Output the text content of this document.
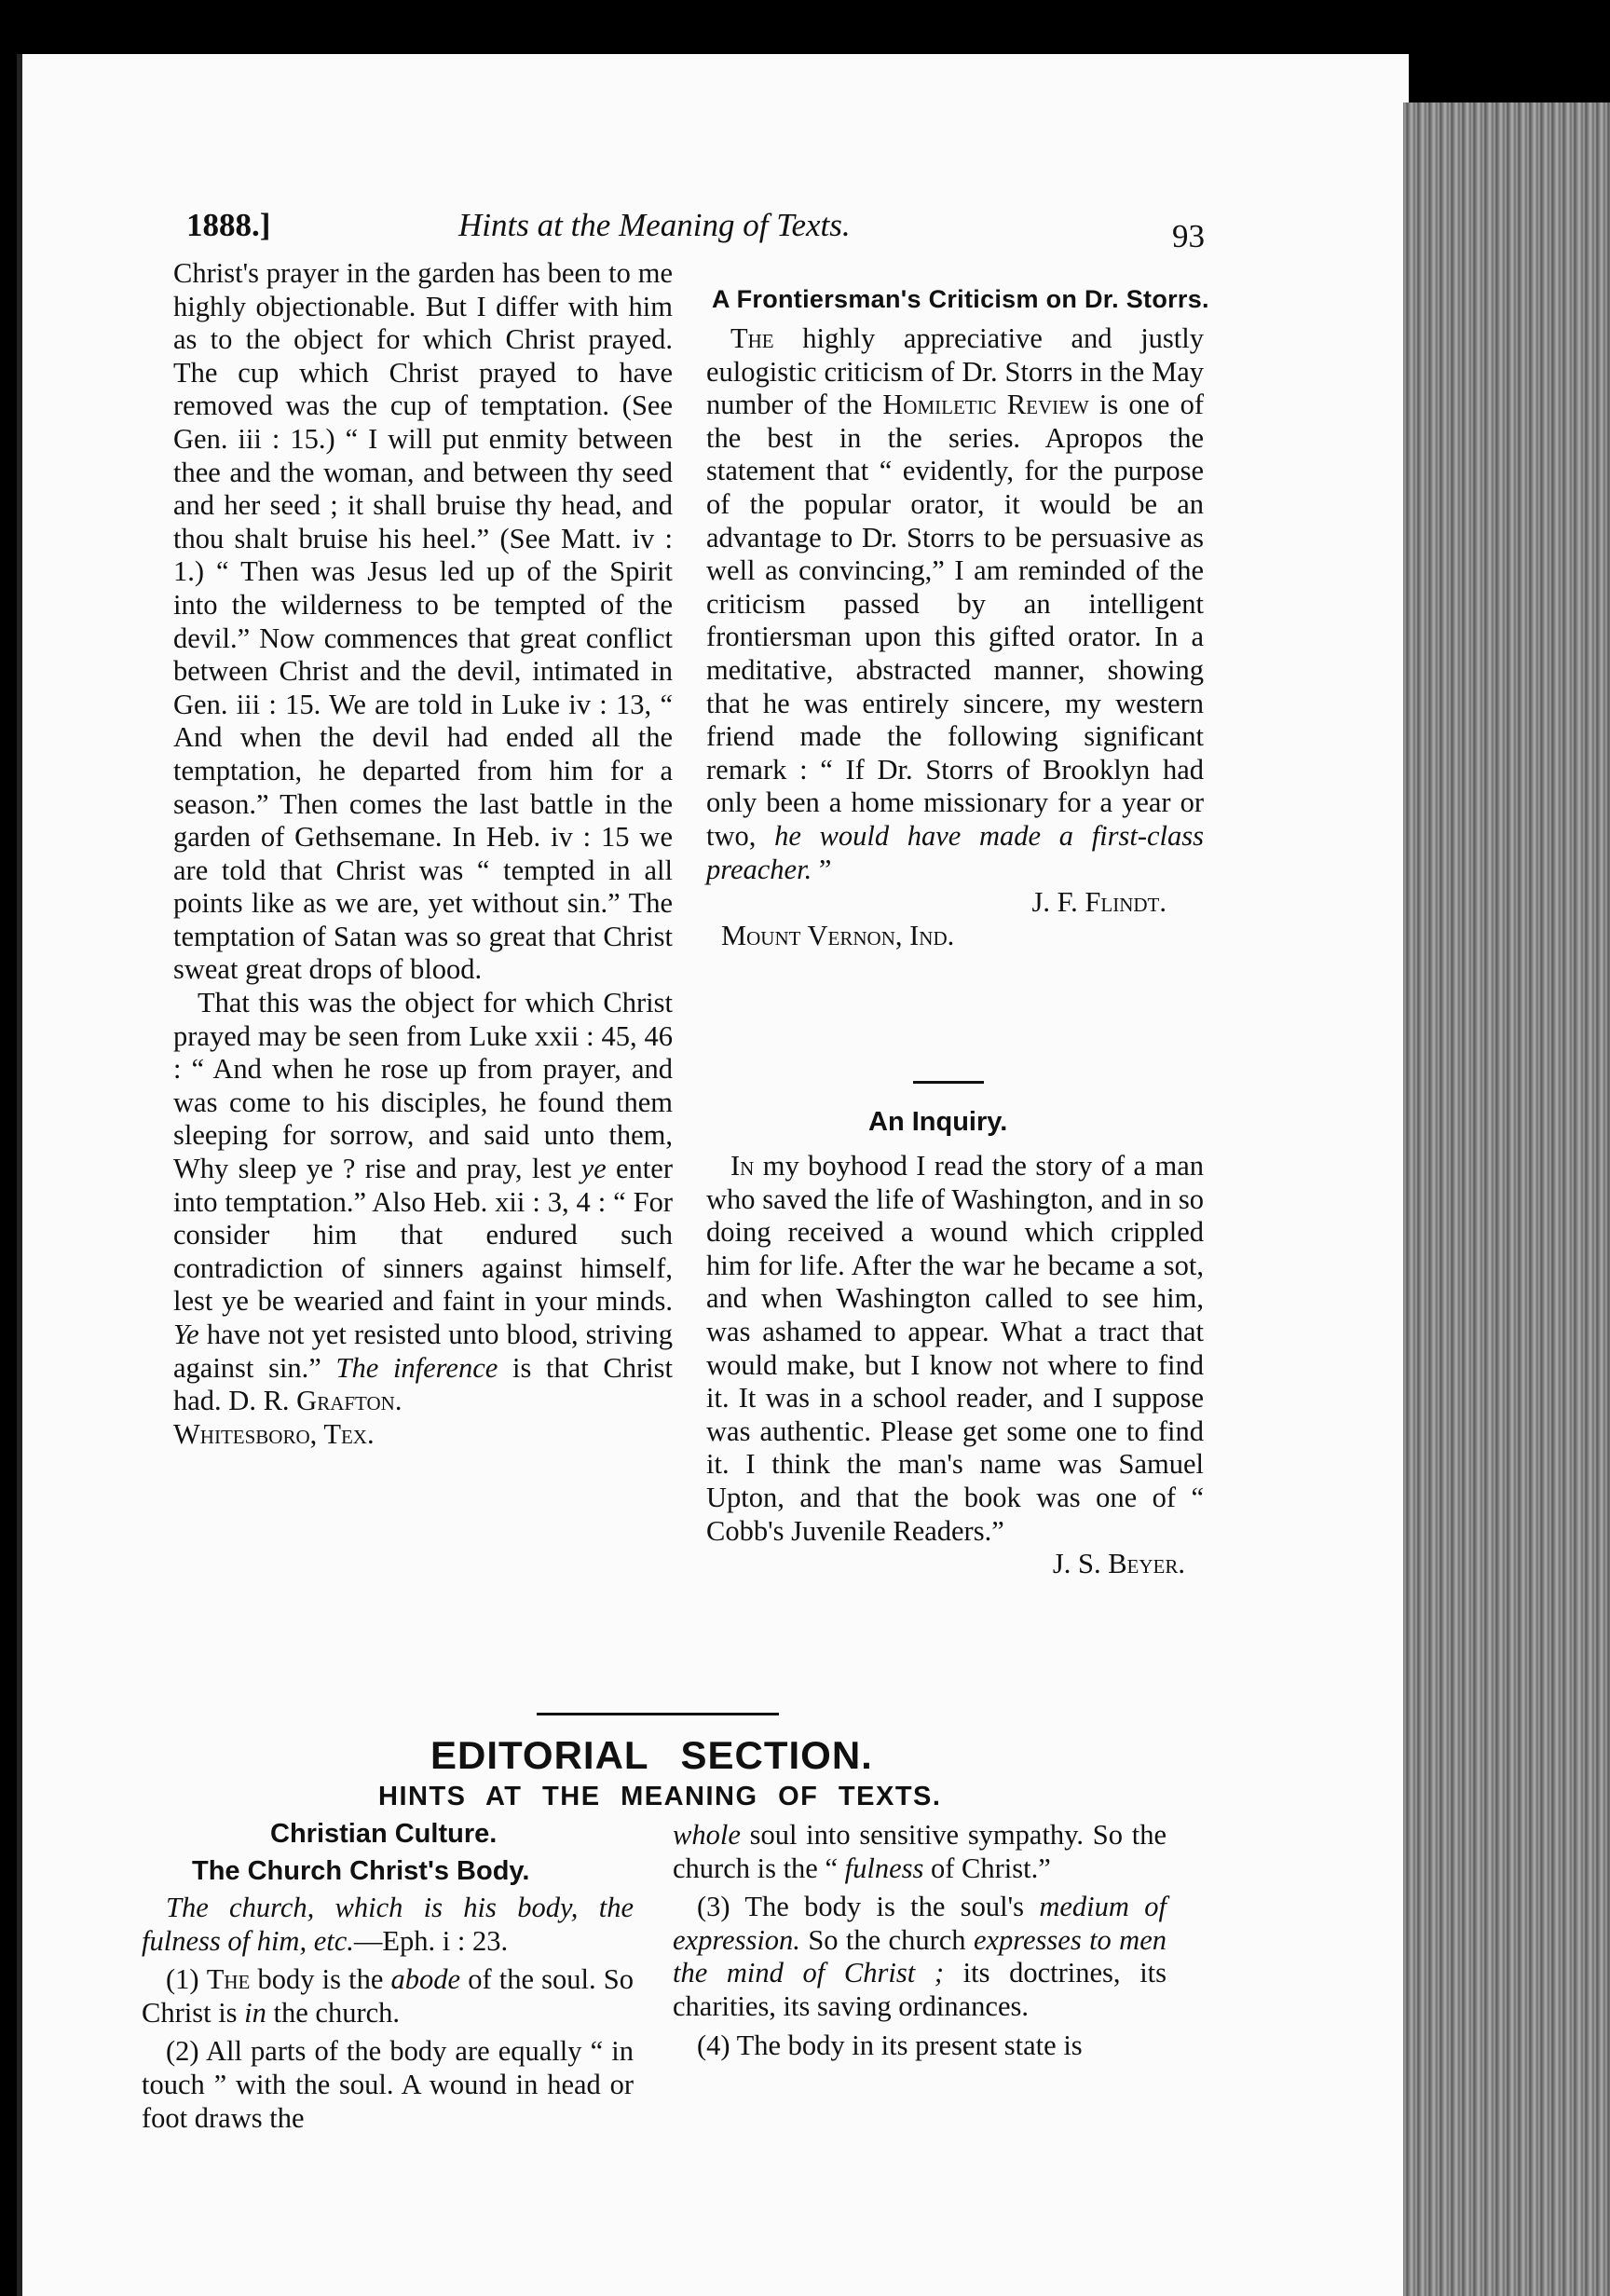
1888.]	Hints at the Meaning of Texts.	93

Christ's prayer in the garden has been to me highly objectionable. But I differ with him as to the object for which Christ prayed. The cup which Christ prayed to have removed was the cup of temptation. (See Gen. iii : 15.) “ I will put enmity between thee and the woman, and between thy seed and her seed ; it shall bruise thy head, and thou shalt bruise his heel.” (See Matt. iv : 1.) “ Then was Jesus led up of the Spirit into the wilderness to be tempted of the devil.” Now commences that great conflict between Christ and the devil, intimated in Gen. iii : 15. We are told in Luke iv : 13, “ And when the devil had ended all the temptation, he departed from him for a season.” Then comes the last battle in the garden of Gethsemane. In Heb. iv : 15 we are told that Christ was “ tempted in all points like as we are, yet without sin.” The temptation of Satan was so great that Christ sweat great drops of blood.

That this was the object for which Christ prayed may be seen from Luke xxii : 45, 46 : “ And when he rose up from prayer, and was come to his disciples, he found them sleeping for sorrow, and said unto them, Why sleep ye ? rise and pray, lest ye enter into temptation.” Also Heb. xii : 3, 4 : “ For consider him that endured such contradiction of sinners against himself, lest ye be wearied and faint in your minds. Ye have not yet resisted unto blood, striving against sin.” The inference is that Christ had. D. R. Grafton.

Whitesboro, Tex.

A Frontiersman's Criticism on Dr. Storrs.

The highly appreciative and justly eulogistic criticism of Dr. Storrs in the May number of the Homiletic Review is one of the best in the series. Apropos the statement that “ evidently, for the purpose of the popular orator, it would be an advantage to Dr. Storrs to be persuasive as well as convincing,” I am reminded of the criticism passed by an intelligent frontiersman upon this gifted orator. In a meditative, abstracted manner, showing that he was entirely sincere, my western friend made the following significant remark : “ If Dr. Storrs of Brooklyn had only been a home missionary for a year or two, he would have made a first-class preacher. ”

J. F. Flindt.

Mount Vernon, Ind.

An Inquiry.

In my boyhood I read the story of a man who saved the life of Washington, and in so doing received a wound which crippled him for life. After the war he became a sot, and when Washington called to see him, was ashamed to appear. What a tract that would make, but I know not where to find it. It was in a school reader, and I suppose was authentic. Please get some one to find it. I think the man's name was Samuel Upton, and that the book was one of “ Cobb's Juvenile Readers.”

J. S. Beyer.

EDITORIAL SECTION.
HINTS AT THE MEANING OF TEXTS.
Christian Culture.
The Church Christ's Body.

The church, which is his body, the fulness of him, etc.—Eph. i : 23.

(1) The body is the abode of the soul. So Christ is in the church.

(2) All parts of the body are equally “ in touch ” with the soul. A wound in head or foot draws the

whole soul into sensitive sympathy. So the church is the “ fulness of Christ.”

(3) The body is the soul's medium of expression. So the church expresses to men the mind of Christ ; its doctrines, its charities, its saving ordinances.

(4) The body in its present state is
